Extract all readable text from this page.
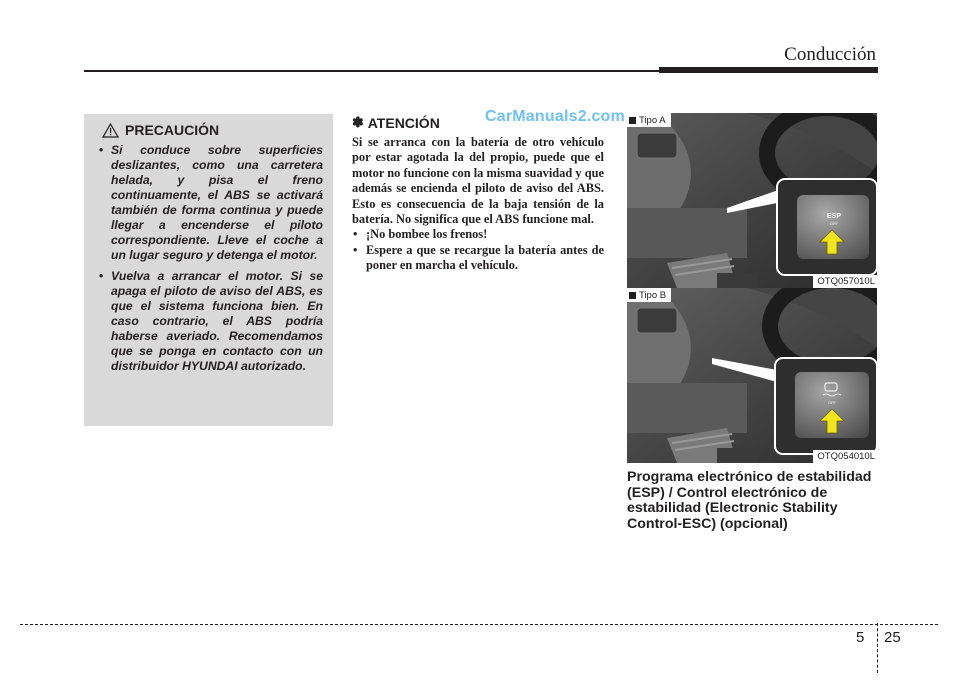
Conducción
PRECAUCIÓN
• Si conduce sobre superficies deslizantes, como una carretera helada, y pisa el freno continuamente, el ABS se activará también de forma continua y puede llegar a encenderse el piloto correspondiente. Lleve el coche a un lugar seguro y detenga el motor.
• Vuelva a arrancar el motor. Si se apaga el piloto de aviso del ABS, es que el sistema funciona bien. En caso contrario, el ABS podría haberse averiado. Recomendamos que se ponga en contacto con un distribuidor HYUNDAI autorizado.
✽ ATENCIÓN	CarManuals2.com

Si se arranca con la batería de otro vehículo por estar agotada la del propio, puede que el motor no funcione con la misma suavidad y que además se encienda el piloto de aviso del ABS. Esto es consecuencia de la baja tensión de la batería. No significa que el ABS funcione mal.

• ¡No bombee los frenos!
• Espere a que se recargue la batería antes de poner en marcha el vehículo.
ESP
OFF
Tipo A
OTQ057010L
OFF
Tipo B
OTQ054010L
Programa electrónico de estabilidad (ESP) / Control electrónico de estabilidad (Electronic Stability Control-ESC) (opcional)
5 25
